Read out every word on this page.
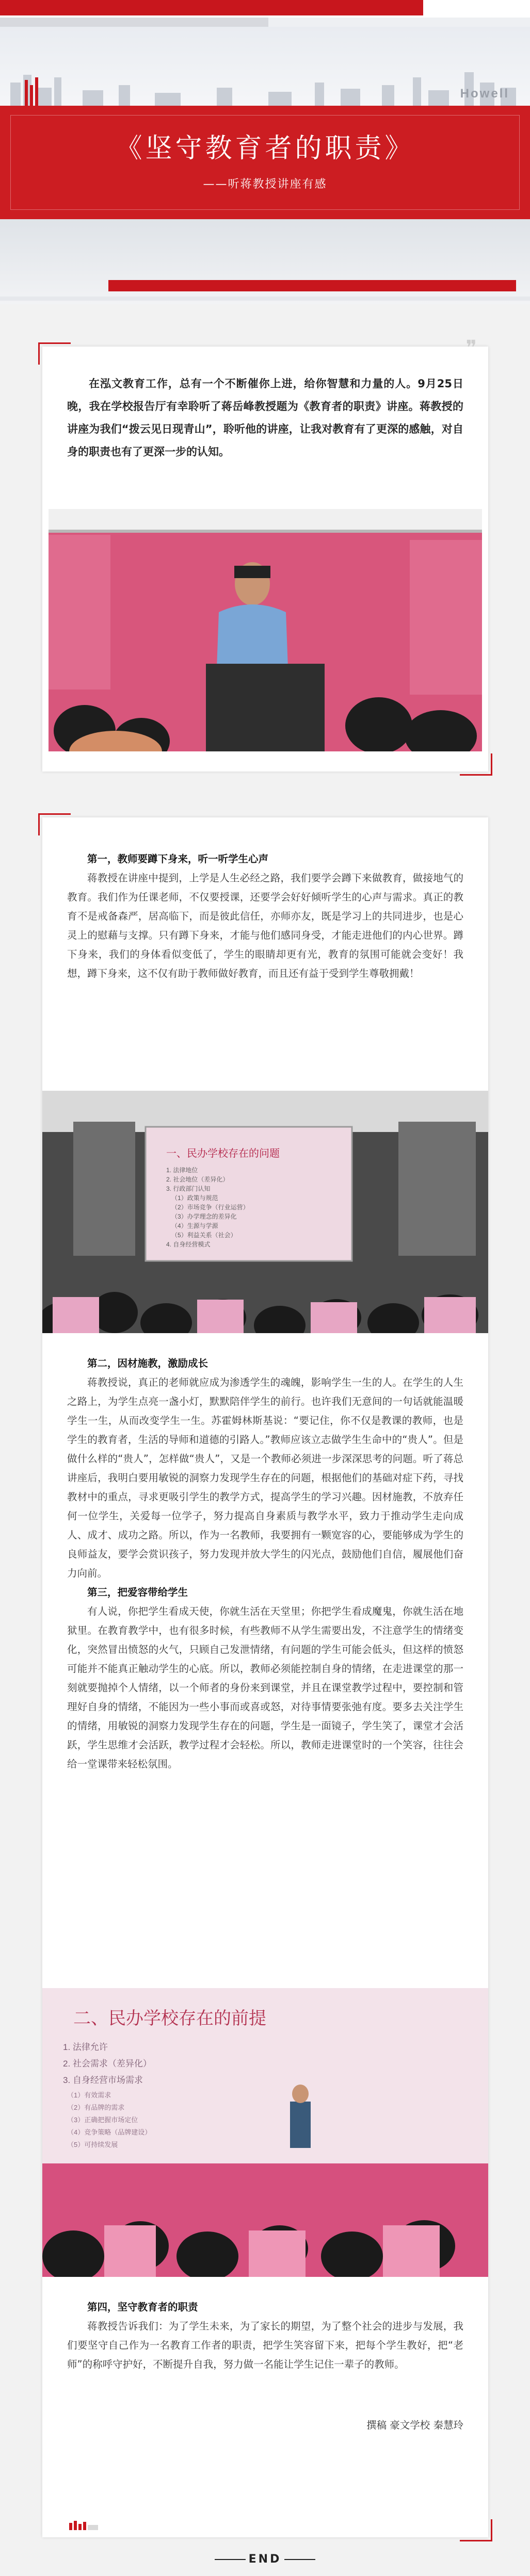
Howell
《坚守教育者的职责》
——听蒋教授讲座有感
❞
在泓文教育工作，总有一个不断催你上进，给你智慧和力量的人。9月25日晚，我在学校报告厅有幸聆听了蒋岳峰教授题为《教育者的职责》讲座。蒋教授的讲座为我们“拨云见日现青山”，聆听他的讲座，让我对教育有了更深的感触，对自身的职责也有了更深一步的认知。

第一，教师要蹲下身来，听一听学生心声

蒋教授在讲座中提到，上学是人生必经之路，我们要学会蹲下来做教育，做接地气的教育。我们作为任课老师，不仅要授课，还要学会好好倾听学生的心声与需求。真正的教育不是戒备森严，居高临下，而是彼此信任，亦师亦友，既是学习上的共同进步，也是心灵上的慰藉与支撑。只有蹲下身来，才能与他们感同身受，才能走进他们的内心世界。蹲下身来，我们的身体看似变低了，学生的眼睛却更有光，教育的氛围可能就会变好！我想，蹲下身来，这不仅有助于教师做好教育，而且还有益于受到学生尊敬拥戴！

一、民办学校存在的问题
1. 法律地位
2. 社会地位（差异化）
3. 行政部门认知
（1）政策与规范
（2）市场竞争（行业运营）
（3）办学理念的差异化
（4）生源与学源
（5）利益关系（社会）
4. 自身经营模式

第二，因材施教，激励成长

蒋教授说，真正的老师就应成为渗透学生的魂魄，影响学生一生的人。在学生的人生之路上，为学生点亮一盏小灯，默默陪伴学生的前行。也许我们无意间的一句话就能温暖学生一生，从而改变学生一生。苏霍姆林斯基说：“要记住，你不仅是教课的教师，也是学生的教育者，生活的导师和道德的引路人。”教师应该立志做学生生命中的“贵人”。但是做什么样的“贵人”，怎样做“贵人”，又是一个教师必须进一步深深思考的问题。听了蒋总讲座后，我明白要用敏锐的洞察力发现学生存在的问题，根据他们的基础对症下药，寻找教材中的重点，寻求更吸引学生的教学方式，提高学生的学习兴趣。因材施教，不放弃任何一位学生，关爱每一位学子，努力提高自身素质与教学水平，致力于推动学生走向成人、成才、成功之路。所以，作为一名教师，我要拥有一颗宽容的心，要能够成为学生的良师益友，要学会赏识孩子，努力发现并放大学生的闪光点，鼓励他们自信，履展他们奋力向前。

第三，把爱容带给学生

有人说，你把学生看成天使，你就生活在天堂里；你把学生看成魔鬼，你就生活在地狱里。在教育教学中，也有很多时候，有些教师不从学生需要出发，不注意学生的情绪变化，突然冒出愤怒的火气，只顾自己发泄情绪，有问题的学生可能会低头，但这样的愤怒可能并不能真正触动学生的心底。所以，教师必须能控制自身的情绪，在走进课堂的那一刻就要抛掉个人情绪，以一个师者的身份来到课堂，并且在课堂教学过程中，要控制和管理好自身的情绪，不能因为一些小事而或喜或怒，对待事情要张弛有度。要多去关注学生的情绪，用敏锐的洞察力发现学生存在的问题，学生是一面镜子，学生笑了，课堂才会活跃，学生思维才会活跃，教学过程才会轻松。所以，教师走进课堂时的一个笑容，往往会给一堂课带来轻松氛围。

二、民办学校存在的前提
1. 法律允许
2. 社会需求（差异化）
3. 自身经营市场需求
（1）有效需求
（2）有品牌的需求
（3）正确把握市场定位
（4）竞争策略（品牌建设）
（5）可持续发展

第四，坚守教育者的职责

蒋教授告诉我们：为了学生未来，为了家长的期望，为了整个社会的进步与发展，我们要坚守自己作为一名教育工作者的职责，把学生笑容留下来，把每个学生教好，把“老师”的称呼守护好，不断提升自我，努力做一名能让学生记住一辈子的教师。

撰稿 豪文学校 秦慧玲
END
